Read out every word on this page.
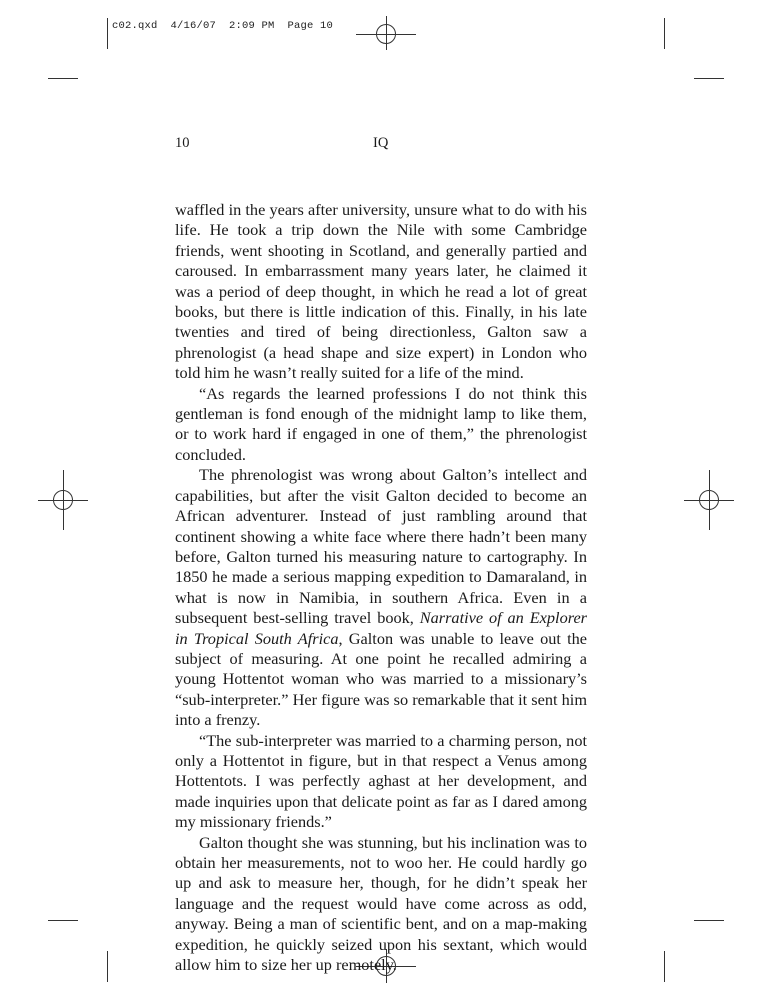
c02.qxd  4/16/07  2:09 PM  Page 10
10	IQ

waffled in the years after university, unsure what to do with his life. He took a trip down the Nile with some Cambridge friends, went shooting in Scotland, and generally partied and caroused. In embarrassment many years later, he claimed it was a period of deep thought, in which he read a lot of great books, but there is little indication of this. Finally, in his late twenties and tired of being directionless, Galton saw a phrenologist (a head shape and size expert) in London who told him he wasn’t really suited for a life of the mind.

“As regards the learned professions I do not think this gentleman is fond enough of the midnight lamp to like them, or to work hard if engaged in one of them,” the phrenologist concluded.

The phrenologist was wrong about Galton’s intellect and capabilities, but after the visit Galton decided to become an African adventurer. Instead of just rambling around that continent showing a white face where there hadn’t been many before, Galton turned his measuring nature to cartography. In 1850 he made a serious mapping expedition to Damaraland, in what is now in Namibia, in southern Africa. Even in a subsequent best-selling travel book, Narrative of an Explorer in Tropical South Africa, Galton was unable to leave out the subject of measuring. At one point he recalled admiring a young Hottentot woman who was married to a missionary’s “sub-interpreter.” Her figure was so remarkable that it sent him into a frenzy.

“The sub-interpreter was married to a charming person, not only a Hottentot in figure, but in that respect a Venus among Hottentots. I was perfectly aghast at her development, and made inquiries upon that delicate point as far as I dared among my missionary friends.”

Galton thought she was stunning, but his inclination was to obtain her measurements, not to woo her. He could hardly go up and ask to measure her, though, for he didn’t speak her language and the request would have come across as odd, anyway. Being a man of scientific bent, and on a map-making expedition, he quickly seized upon his sextant, which would allow him to size her up remotely.
